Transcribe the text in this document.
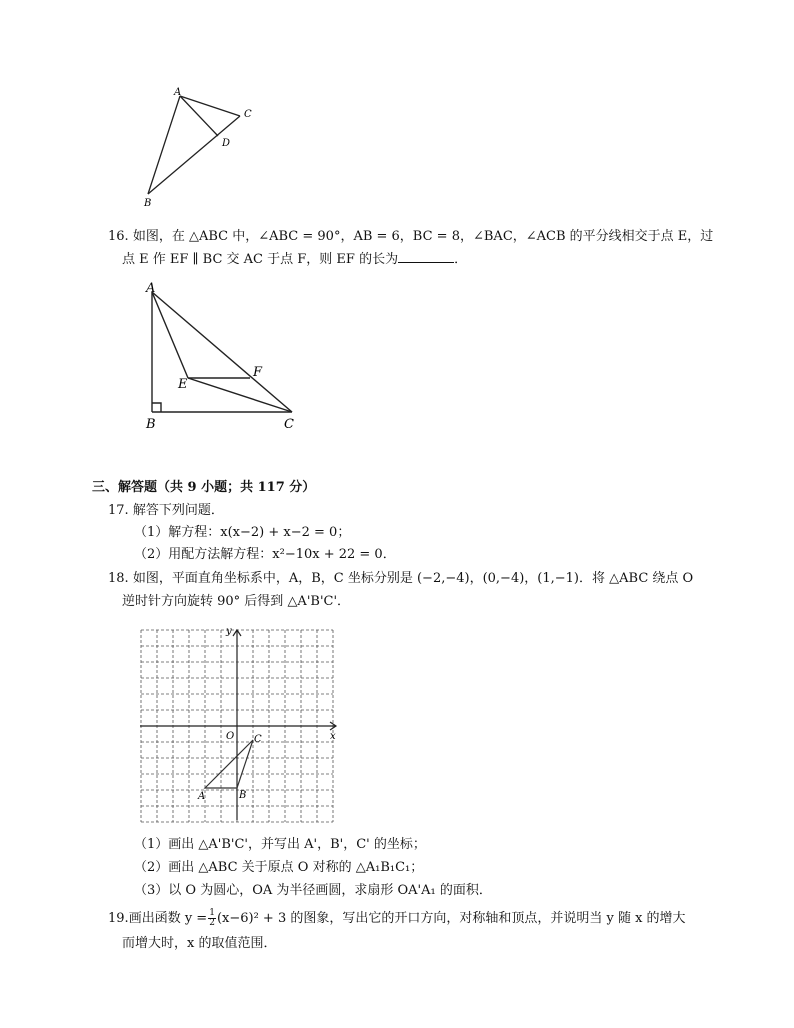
A
C
D
B
16. 如图，在 △ABC 中，∠ABC = 90°，AB = 6，BC = 8，∠BAC，∠ACB 的平分线相交于点 E，过
点 E 作 EF ∥ BC 交 AC 于点 F，则 EF 的长为	．
A
F
E
B	C
三、解答题（共 9 小题；共 117 分）
17. 解答下列问题．
（1）解方程：x(x−2) + x−2 = 0；
（2）用配方法解方程：x²−10x + 22 = 0．
18. 如图，平面直角坐标系中，A，B，C 坐标分别是 (−2,−4)，(0,−4)，(1,−1)．将 △ABC 绕点 O
逆时针方向旋转 90° 后得到 △A'B'C'．
y
x
O C
A	B
（1）画出 △A'B'C'，并写出 A'，B'，C' 的坐标；
（2）画出 △ABC 关于原点 O 对称的 △A₁B₁C₁；
（3）以 O 为圆心，OA 为半径画圆，求扇形 OA'A₁ 的面积．
19.画出函数 $y = \frac{1}{2} (x-6)^2 + 3$ 的图象，写出它的开口方向，对称轴和顶点，并说明当 y 随 x 的增大
而增大时，x 的取值范围．
